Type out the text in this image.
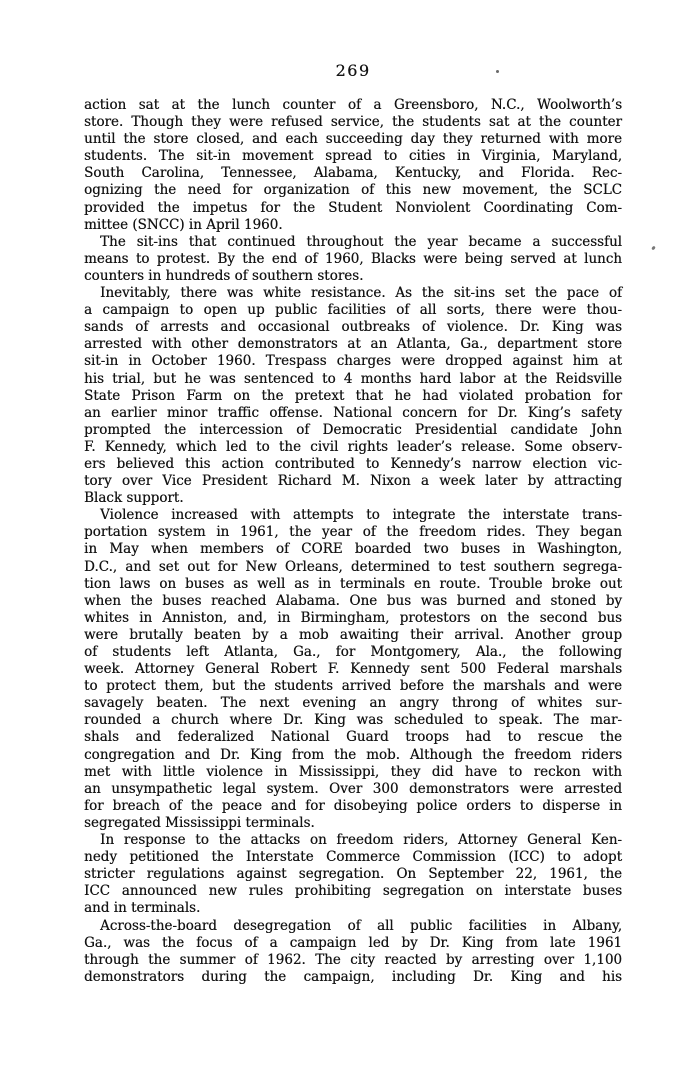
269
action sat at the lunch counter of a Greensboro, N.C., Woolworth’s
store. Though they were refused service, the students sat at the counter
until the store closed, and each succeeding day they returned with more
students. The sit-in movement spread to cities in Virginia, Maryland,
South Carolina, Tennessee, Alabama, Kentucky, and Florida. Rec-
ognizing the need for organization of this new movement, the SCLC
provided the impetus for the Student Nonviolent Coordinating Com-
mittee (SNCC) in April 1960.
The sit-ins that continued throughout the year became a successful
means to protest. By the end of 1960, Blacks were being served at lunch
counters in hundreds of southern stores.
Inevitably, there was white resistance. As the sit-ins set the pace of
a campaign to open up public facilities of all sorts, there were thou-
sands of arrests and occasional outbreaks of violence. Dr. King was
arrested with other demonstrators at an Atlanta, Ga., department store
sit-in in October 1960. Trespass charges were dropped against him at
his trial, but he was sentenced to 4 months hard labor at the Reidsville
State Prison Farm on the pretext that he had violated probation for
an earlier minor traffic offense. National concern for Dr. King’s safety
prompted the intercession of Democratic Presidential candidate John
F. Kennedy, which led to the civil rights leader’s release. Some observ-
ers believed this action contributed to Kennedy’s narrow election vic-
tory over Vice President Richard M. Nixon a week later by attracting
Black support.
Violence increased with attempts to integrate the interstate trans-
portation system in 1961, the year of the freedom rides. They began
in May when members of CORE boarded two buses in Washington,
D.C., and set out for New Orleans, determined to test southern segrega-
tion laws on buses as well as in terminals en route. Trouble broke out
when the buses reached Alabama. One bus was burned and stoned by
whites in Anniston, and, in Birmingham, protestors on the second bus
were brutally beaten by a mob awaiting their arrival. Another group
of students left Atlanta, Ga., for Montgomery, Ala., the following
week. Attorney General Robert F. Kennedy sent 500 Federal marshals
to protect them, but the students arrived before the marshals and were
savagely beaten. The next evening an angry throng of whites sur-
rounded a church where Dr. King was scheduled to speak. The mar-
shals and federalized National Guard troops had to rescue the
congregation and Dr. King from the mob. Although the freedom riders
met with little violence in Mississippi, they did have to reckon with
an unsympathetic legal system. Over 300 demonstrators were arrested
for breach of the peace and for disobeying police orders to disperse in
segregated Mississippi terminals.
In response to the attacks on freedom riders, Attorney General Ken-
nedy petitioned the Interstate Commerce Commission (ICC) to adopt
stricter regulations against segregation. On September 22, 1961, the
ICC announced new rules prohibiting segregation on interstate buses
and in terminals.
Across-the-board desegregation of all public facilities in Albany,
Ga., was the focus of a campaign led by Dr. King from late 1961
through the summer of 1962. The city reacted by arresting over 1,100
demonstrators during the campaign, including Dr. King and his
